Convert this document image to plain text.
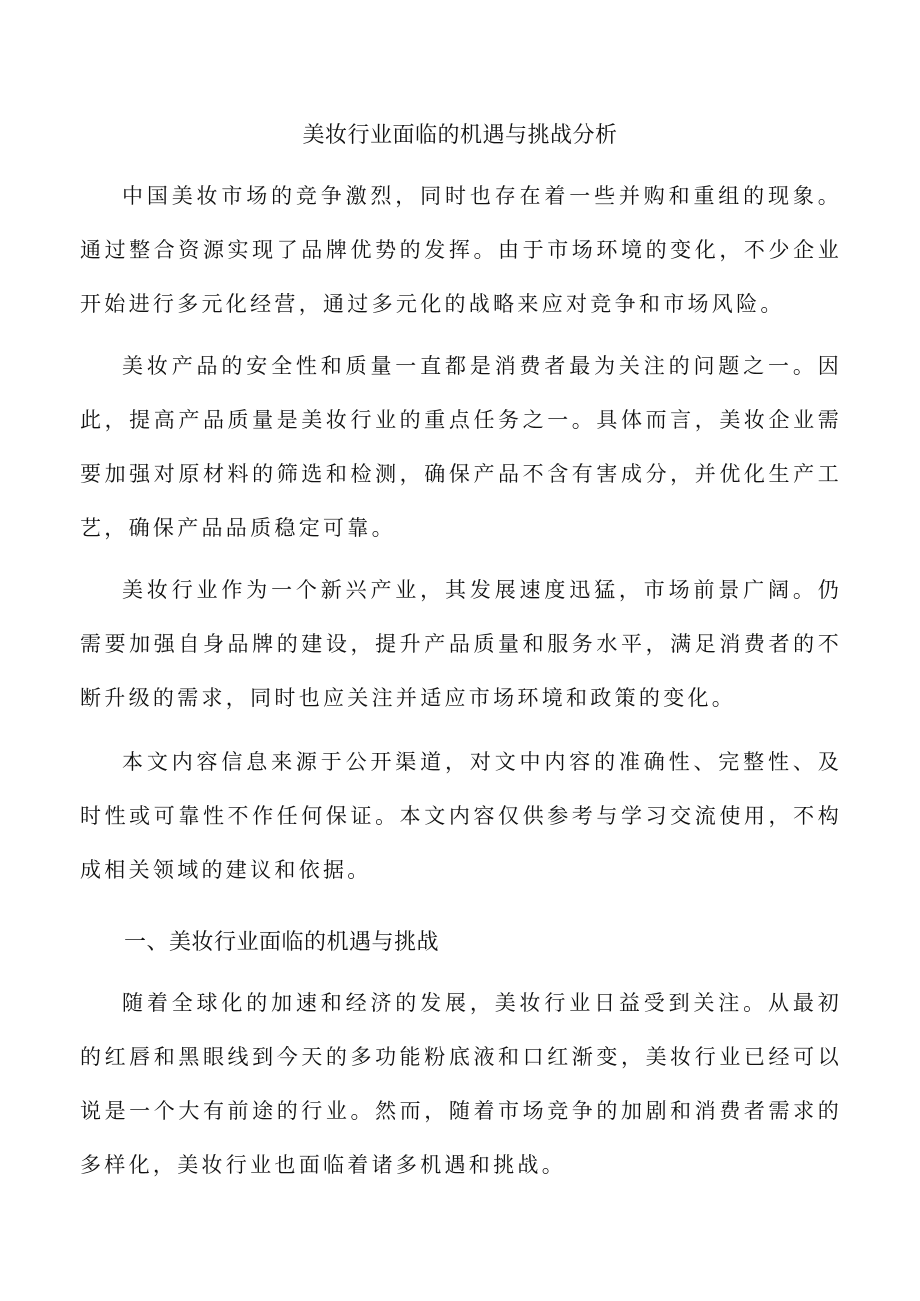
美妆行业面临的机遇与挑战分析

中国美妆市场的竞争激烈，同时也存在着一些并购和重组的现象。通过整合资源实现了品牌优势的发挥。由于市场环境的变化，不少企业开始进行多元化经营，通过多元化的战略来应对竞争和市场风险。

美妆产品的安全性和质量一直都是消费者最为关注的问题之一。因此，提高产品质量是美妆行业的重点任务之一。具体而言，美妆企业需要加强对原材料的筛选和检测，确保产品不含有害成分，并优化生产工艺，确保产品品质稳定可靠。

美妆行业作为一个新兴产业，其发展速度迅猛，市场前景广阔。仍需要加强自身品牌的建设，提升产品质量和服务水平，满足消费者的不断升级的需求，同时也应关注并适应市场环境和政策的变化。

本文内容信息来源于公开渠道，对文中内容的准确性、完整性、及时性或可靠性不作任何保证。本文内容仅供参考与学习交流使用，不构成相关领域的建议和依据。

一、美妆行业面临的机遇与挑战

随着全球化的加速和经济的发展，美妆行业日益受到关注。从最初的红唇和黑眼线到今天的多功能粉底液和口红渐变，美妆行业已经可以说是一个大有前途的行业。然而，随着市场竞争的加剧和消费者需求的多样化，美妆行业也面临着诸多机遇和挑战。
